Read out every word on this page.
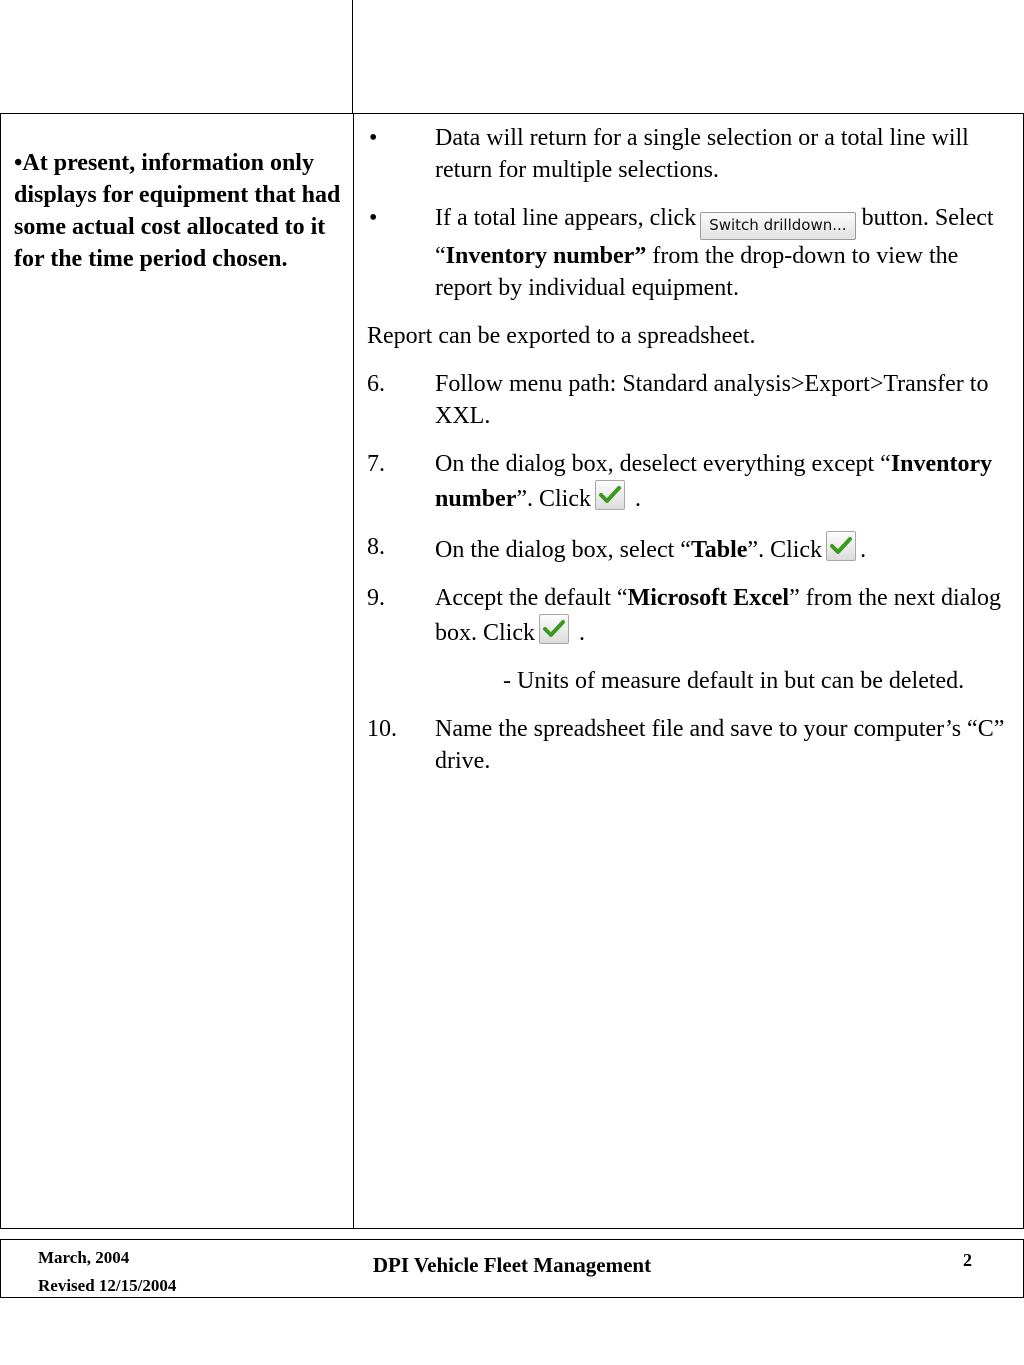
•At present, information only displays for equipment that had some actual cost allocated to it for the time period chosen.
•	Data will return for a single selection or a total line will return for multiple selections.
•	If a total line appears, click Switch drilldown... button. Select “Inventory number” from the drop-down to view the report by individual equipment.
Report can be exported to a spreadsheet.
6.	Follow menu path: Standard analysis>Export>Transfer to XXL.
7.	On the dialog box, deselect everything except “Inventory number”. Click
.
8.	On the dialog box, select “Table”. Click .
9.	Accept the default “Microsoft Excel” from the next dialog box. Click
.
- Units of measure default in but can be deleted.
10.	Name the spreadsheet file and save to your computer’s “C” drive.
March, 2004
Revised 12/15/2004
DPI Vehicle Fleet Management	2
